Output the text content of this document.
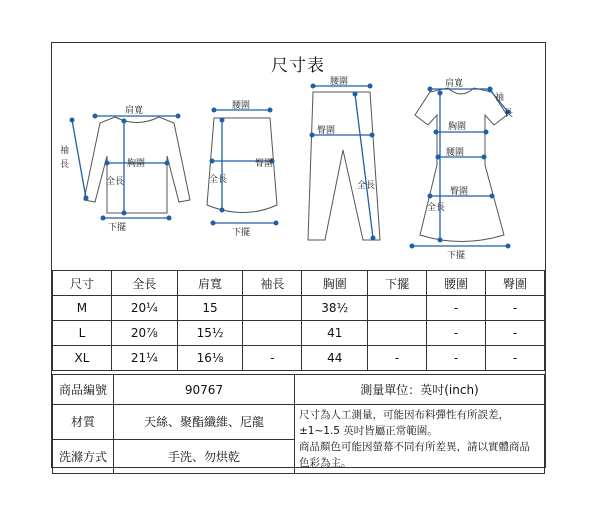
尺寸表
肩寬
袖
長	胸圍
全長
下擺
腰圍
臀圍
全長
下擺
腰圍
臀圍
全長
肩寬
袖
長
胸圍
腰圍
臀圍
全長
下擺
尺寸	全長	肩寬	袖長	胸圍	下擺	腰圍	臀圍
M	20¼	15		38½		-	-
L	20⅞	15½		41		-	-
XL	21¼	16⅛	-	44	-	-	-
商品編號	90767	測量單位：英吋(inch)
材質	天絲、聚酯纖維、尼龍	尺寸為人工測量，可能因布料彈性有所誤差，±1~1.5 英吋皆屬正常範圍。
商品顏色可能因螢幕不同有所差異，請以實體商品色彩為主。

洗滌方式	手洗、勿烘乾	
